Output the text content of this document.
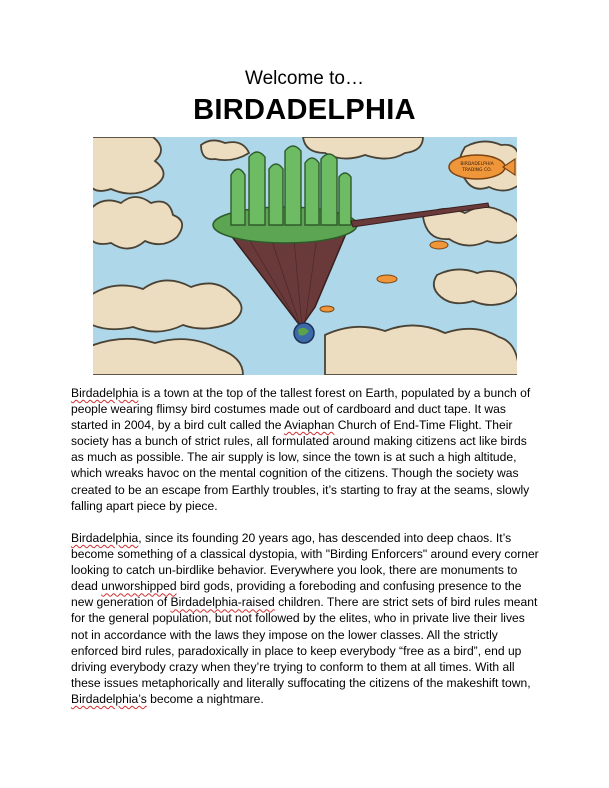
Welcome to…
BIRDADELPHIA
BIRDADELPHIA
TRADING CO.
Birdadelphia is a town at the top of the tallest forest on Earth, populated by a bunch of people wearing flimsy bird costumes made out of cardboard and duct tape. It was started in 2004, by a bird cult called the Aviaphan Church of End-Time Flight. Their society has a bunch of strict rules, all formulated around making citizens act like birds as much as possible. The air supply is low, since the town is at such a high altitude, which wreaks havoc on the mental cognition of the citizens. Though the society was created to be an escape from Earthly troubles, it’s starting to fray at the seams, slowly falling apart piece by piece.
Birdadelphia, since its founding 20 years ago, has descended into deep chaos. It’s become something of a classical dystopia, with "Birding Enforcers" around every corner looking to catch un-birdlike behavior. Everywhere you look, there are monuments to dead unworshipped bird gods, providing a foreboding and confusing presence to the new generation of Birdadelphia-raised children. There are strict sets of bird rules meant for the general population, but not followed by the elites, who in private live their lives not in accordance with the laws they impose on the lower classes. All the strictly enforced bird rules, paradoxically in place to keep everybody “free as a bird”, end up driving everybody crazy when they’re trying to conform to them at all times. With all these issues metaphorically and literally suffocating the citizens of the makeshift town, Birdadelphia’s become a nightmare.
